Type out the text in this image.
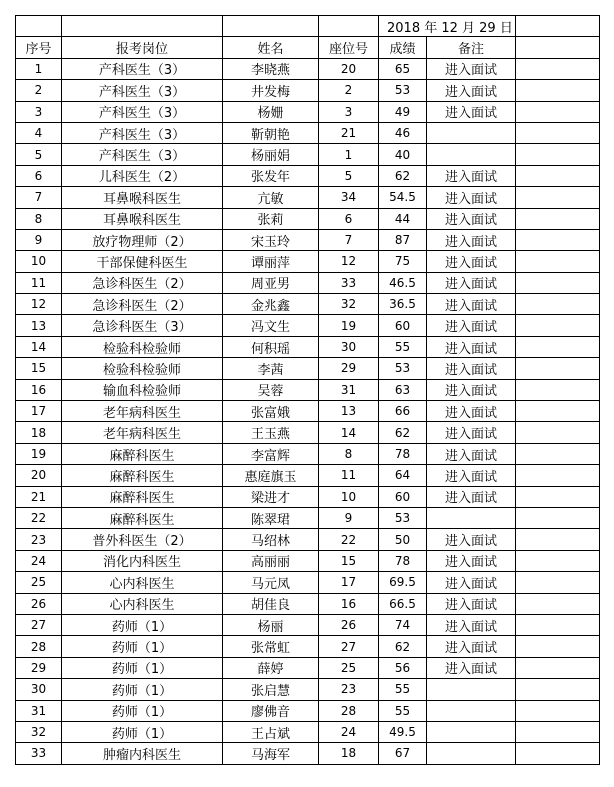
				2018 年 12 月 29 日		
序号	报考岗位	姓名	座位号	成绩	备注	
1	产科医生（3）	李晓燕	20	65	进入面试	
2	产科医生（3）	井发梅	2	53	进入面试	
3	产科医生（3）	杨姗	3	49	进入面试	
4	产科医生（3）	靳朝艳	21	46		
5	产科医生（3）	杨丽娟	1	40		
6	儿科医生（2）	张发年	5	62	进入面试	
7	耳鼻喉科医生	亢敏	34	54.5	进入面试	
8	耳鼻喉科医生	张莉	6	44	进入面试	
9	放疗物理师（2）	宋玉玲	7	87	进入面试	
10	干部保健科医生	谭丽萍	12	75	进入面试	
11	急诊科医生（2）	周亚男	33	46.5	进入面试	
12	急诊科医生（2）	金兆鑫	32	36.5	进入面试	
13	急诊科医生（3）	冯文生	19	60	进入面试	
14	检验科检验师	何积瑶	30	55	进入面试	
15	检验科检验师	李茜	29	53	进入面试	
16	输血科检验师	吴蓉	31	63	进入面试	
17	老年病科医生	张富娥	13	66	进入面试	
18	老年病科医生	王玉燕	14	62	进入面试	
19	麻醉科医生	李富辉	8	78	进入面试	
20	麻醉科医生	惠庭旗玉	11	64	进入面试	
21	麻醉科医生	梁进才	10	60	进入面试	
22	麻醉科医生	陈翠珺	9	53		
23	普外科医生（2）	马绍林	22	50	进入面试	
24	消化内科医生	高丽丽	15	78	进入面试	
25	心内科医生	马元凤	17	69.5	进入面试	
26	心内科医生	胡佳良	16	66.5	进入面试	
27	药师（1）	杨丽	26	74	进入面试	
28	药师（1）	张常虹	27	62	进入面试	
29	药师（1）	薛婷	25	56	进入面试	
30	药师（1）	张启慧	23	55		
31	药师（1）	廖佛音	28	55		
32	药师（1）	王占斌	24	49.5		
33	肿瘤内科医生	马海军	18	67		
